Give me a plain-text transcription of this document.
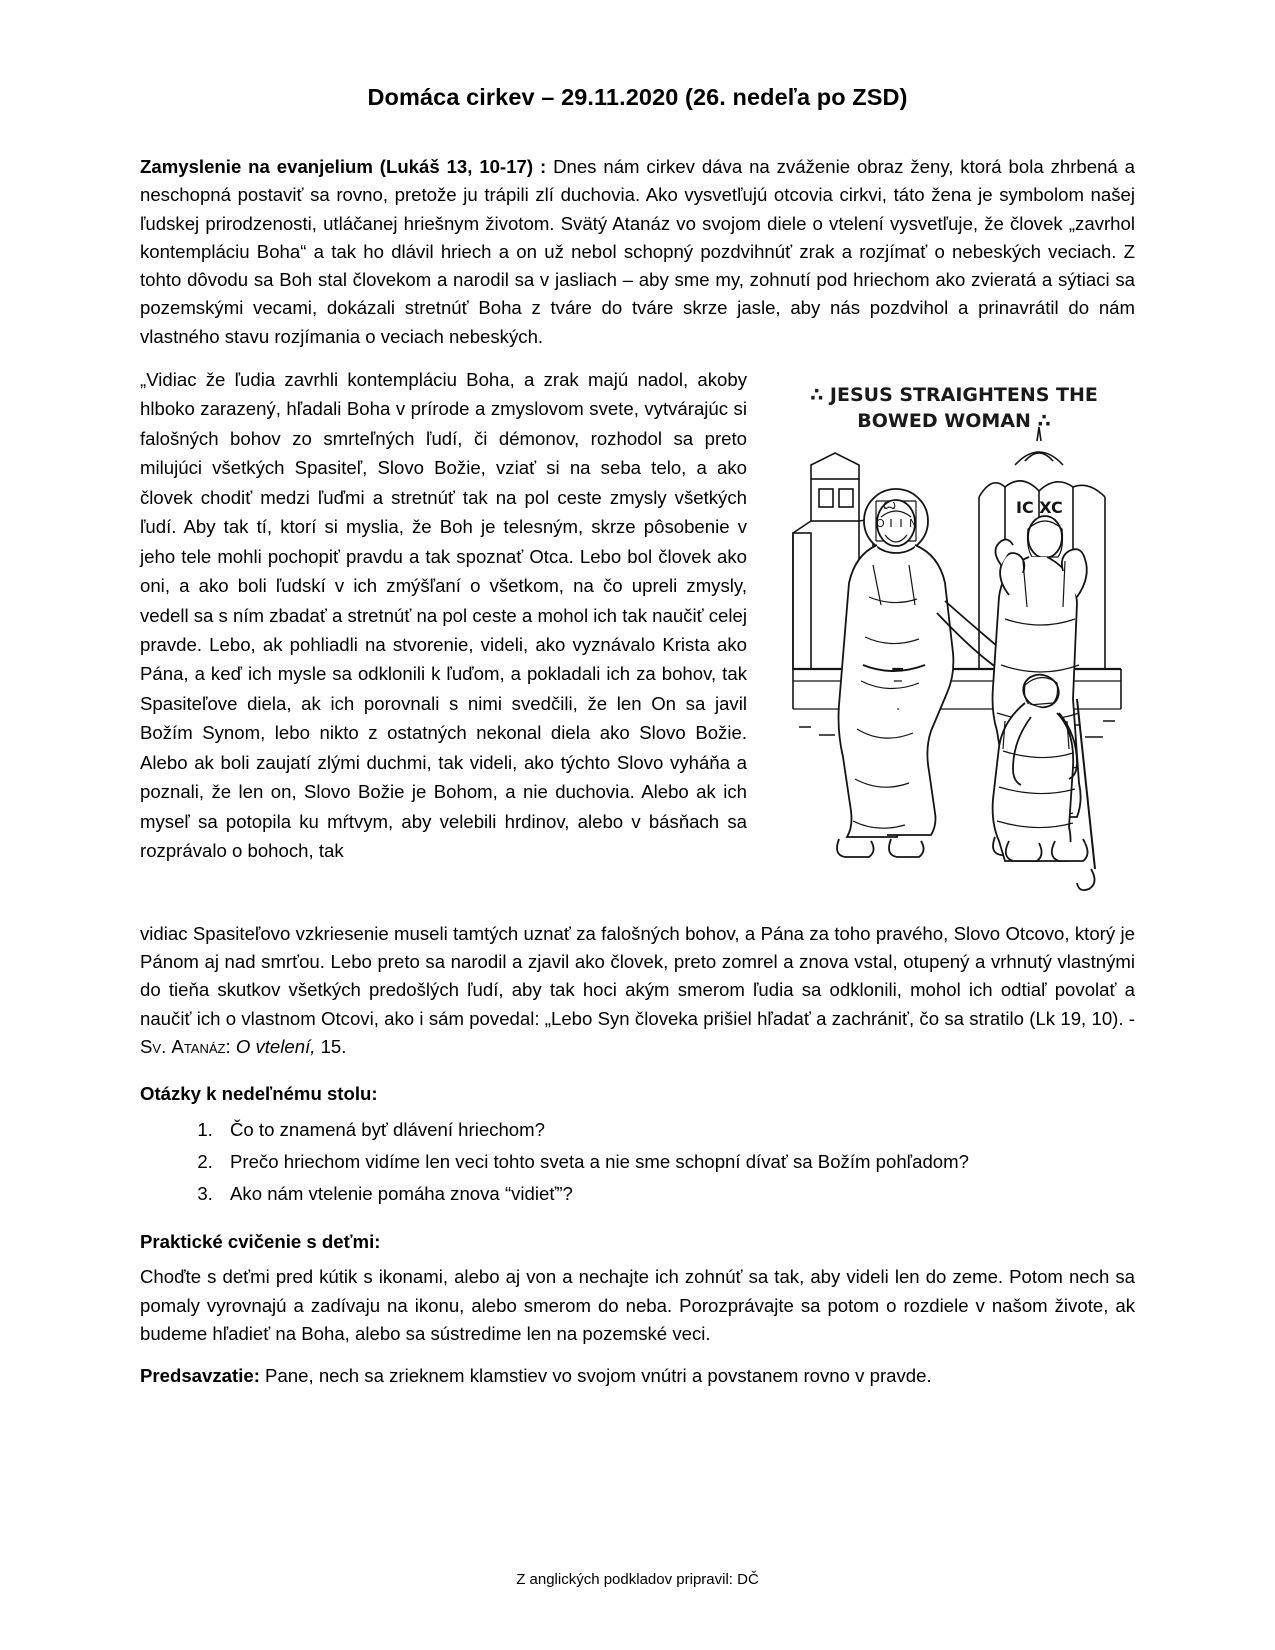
Domáca cirkev – 29.11.2020 (26. nedeľa po ZSD)

Zamyslenie na evanjelium (Lukáš 13, 10-17) : Dnes nám cirkev dáva na zváženie obraz ženy, ktorá bola zhrbená a neschopná postaviť sa rovno, pretože ju trápili zlí duchovia. Ako vysvetľujú otcovia cirkvi, táto žena je symbolom našej ľudskej prirodzenosti, utláčanej hriešnym životom. Svätý Atanáz vo svojom diele o vtelení vysvetľuje, že človek „zavrhol kontempláciu Boha“ a tak ho dlávil hriech a on už nebol schopný pozdvihnúť zrak a rozjímať o nebeských veciach. Z tohto dôvodu sa Boh stal človekom a narodil sa v jasliach – aby sme my, zohnutí pod hriechom ako zvieratá a sýtiaci sa pozemskými vecami, dokázali stretnúť Boha z tváre do tváre skrze jasle, aby nás pozdvihol a prinavrátil do nám vlastného stavu rozjímania o veciach nebeských.

∴ JESUS STRAIGHTENS THE
BOWED WOMAN ∴
IC XC
Ꙍ
Ο Ν

„Vidiac že ľudia zavrhli kontempláciu Boha, a zrak majú nadol, akoby hlboko zarazený, hľadali Boha v prírode a zmyslovom svete, vytvárajúc si falošných bohov zo smrteľných ľudí, či démonov, rozhodol sa preto milujúci všetkých Spasiteľ, Slovo Božie, vziať si na seba telo, a ako človek chodiť medzi ľuďmi a stretnúť tak na pol ceste zmysly všetkých ľudí. Aby tak tí, ktorí si myslia, že Boh je telesným, skrze pôsobenie v jeho tele mohli pochopiť pravdu a tak spoznať Otca. Lebo bol človek ako oni, a ako boli ľudskí v ich zmýšľaní o všetkom, na čo upreli zmysly, vedell sa s ním zbadať a stretnúť na pol ceste a mohol ich tak naučiť celej pravde. Lebo, ak pohliadli na stvorenie, videli, ako vyznávalo Krista ako Pána, a keď ich mysle sa odklonili k ľuďom, a pokladali ich za bohov, tak Spasiteľove diela, ak ich porovnali s nimi svedčili, že len On sa javil Božím Synom, lebo nikto z ostatných nekonal diela ako Slovo Božie. Alebo ak boli zaujatí zlými duchmi, tak videli, ako týchto Slovo vyháňa a poznali, že len on, Slovo Božie je Bohom, a nie duchovia. Alebo ak ich myseľ sa potopila ku mŕtvym, aby velebili hrdinov, alebo v básňach sa rozprávalo o bohoch, tak

vidiac Spasiteľovo vzkriesenie museli tamtých uznať za falošných bohov, a Pána za toho pravého, Slovo Otcovo, ktorý je Pánom aj nad smrťou. Lebo preto sa narodil a zjavil ako človek, preto zomrel a znova vstal, otupený a vrhnutý vlastnými do tieňa skutkov všetkých predošlých ľudí, aby tak hoci akým smerom ľudia sa odklonili, mohol ich odtiaľ povolať a naučiť ich o vlastnom Otcovi, ako i sám povedal: „Lebo Syn človeka prišiel hľadať a zachrániť, čo sa stratilo (Lk 19, 10). - Sv. Atanáz: O vtelení, 15.

Otázky k nedeľnému stolu:
1. Čo to znamená byť dlávení hriechom?
2. Prečo hriechom vidíme len veci tohto sveta a nie sme schopní dívať sa Božím pohľadom?
3. Ako nám vtelenie pomáha znova “vidieť”?
Praktické cvičenie s deťmi:

Choďte s deťmi pred kútik s ikonami, alebo aj von a nechajte ich zohnúť sa tak, aby videli len do zeme. Potom nech sa pomaly vyrovnajú a zadívaju na ikonu, alebo smerom do neba. Porozprávajte sa potom o rozdiele v našom živote, ak budeme hľadieť na Boha, alebo sa sústredime len na pozemské veci.

Predsavzatie: Pane, nech sa zrieknem klamstiev vo svojom vnútri a povstanem rovno v pravde.

Z anglických podkladov pripravil: DČ
